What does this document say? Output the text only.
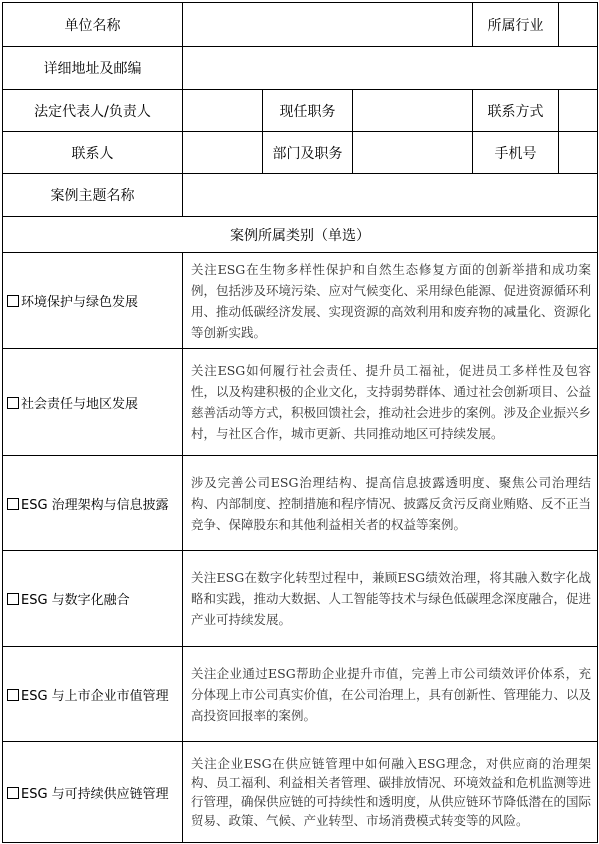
单位名称				所属行业	
详细地址及邮编					
法定代表人/负责人		现任职务		联系方式	
联系人		部门及职务		手机号	
案例主题名称					
案例所属类别（单选）					
环境保护与绿色发展	关注ESG在生物多样性保护和自然生态修复方面的创新举措和成功案例，包括涉及环境污染、应对气候变化、采用绿色能源、促进资源循环利用、推动低碳经济发展、实现资源的高效利用和废弃物的减量化、资源化等创新实践。				
社会责任与地区发展	关注ESG如何履行社会责任、提升员工福祉，促进员工多样性及包容性，以及构建积极的企业文化，支持弱势群体、通过社会创新项目、公益慈善活动等方式，积极回馈社会，推动社会进步的案例。涉及企业振兴乡村，与社区合作，城市更新、共同推动地区可持续发展。				
ESG 治理架构与信息披露	涉及完善公司ESG治理结构、提高信息披露透明度、聚焦公司治理结构、内部制度、控制措施和程序情况、披露反贪污反商业贿赂、反不正当竞争、保障股东和其他利益相关者的权益等案例。				
ESG 与数字化融合	关注ESG在数字化转型过程中，兼顾ESG绩效治理，将其融入数字化战略和实践，推动大数据、人工智能等技术与绿色低碳理念深度融合，促进产业可持续发展。				
ESG 与上市企业市值管理	关注企业通过ESG帮助企业提升市值，完善上市公司绩效评价体系，充分体现上市公司真实价值，在公司治理上，具有创新性、管理能力、以及高投资回报率的案例。				
ESG 与可持续供应链管理	关注企业ESG在供应链管理中如何融入ESG理念，对供应商的治理架构、员工福利、利益相关者管理、碳排放情况、环境效益和危机监测等进行管理，确保供应链的可持续性和透明度，从供应链环节降低潜在的国际贸易、政策、气候、产业转型、市场消费模式转变等的风险。				
